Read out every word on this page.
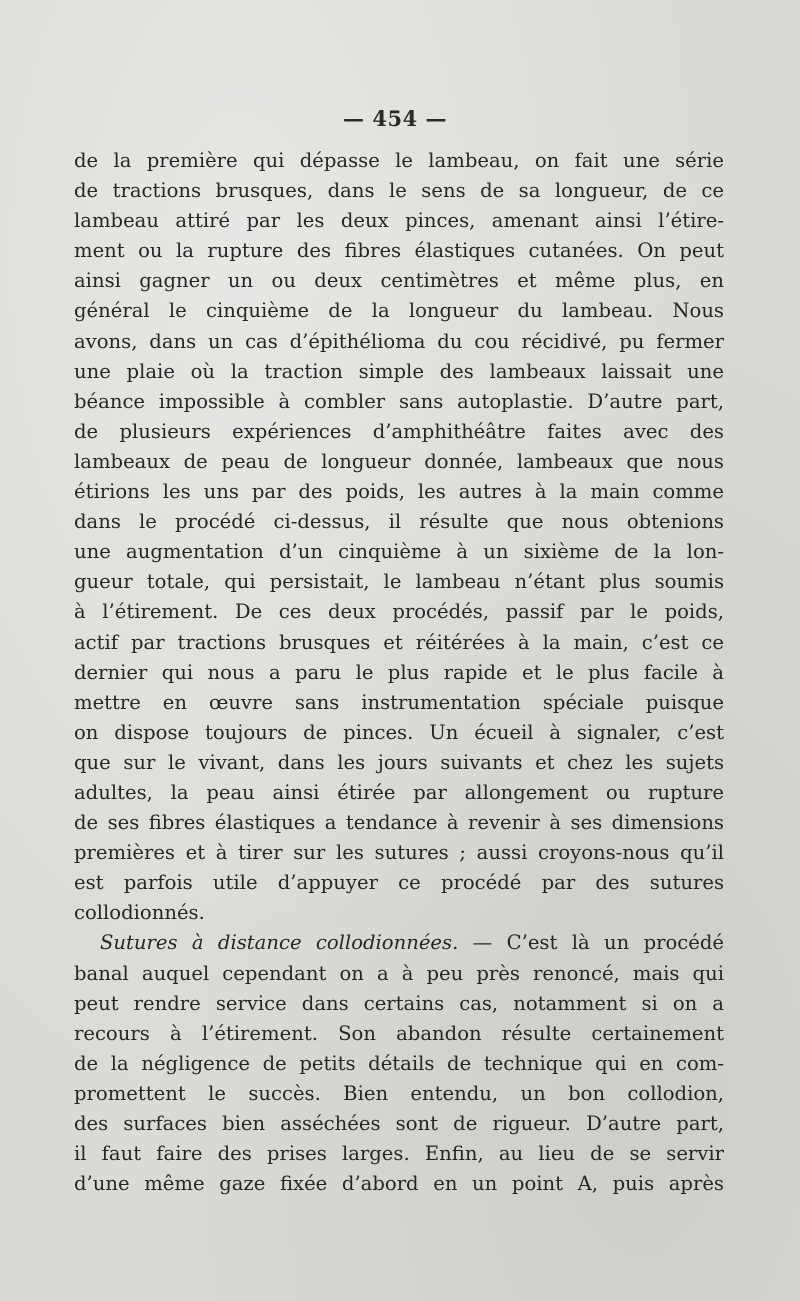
— 454 —
de la première qui dépasse le lambeau, on fait une série
de tractions brusques, dans le sens de sa longueur, de ce
lambeau attiré par les deux pinces, amenant ainsi l’étire-
ment ou la rupture des fibres élastiques cutanées. On peut
ainsi gagner un ou deux centimètres et même plus, en
général le cinquième de la longueur du lambeau. Nous
avons, dans un cas d’épithélioma du cou récidivé, pu fermer
une plaie où la traction simple des lambeaux laissait une
béance impossible à combler sans autoplastie. D’autre part,
de plusieurs expériences d’amphithéâtre faites avec des
lambeaux de peau de longueur donnée, lambeaux que nous
étirions les uns par des poids, les autres à la main comme
dans le procédé ci-dessus, il résulte que nous obtenions
une augmentation d’un cinquième à un sixième de la lon-
gueur totale, qui persistait, le lambeau n’étant plus soumis
à l’étirement. De ces deux procédés, passif par le poids,
actif par tractions brusques et réitérées à la main, c’est ce
dernier qui nous a paru le plus rapide et le plus facile à
mettre en œuvre sans instrumentation spéciale puisque
on dispose toujours de pinces. Un écueil à signaler, c’est
que sur le vivant, dans les jours suivants et chez les sujets
adultes, la peau ainsi étirée par allongement ou rupture
de ses fibres élastiques a tendance à revenir à ses dimensions
premières et à tirer sur les sutures ; aussi croyons-nous qu’il
est parfois utile d’appuyer ce procédé par des sutures
collodionnés.
Sutures à distance collodionnées. — C’est là un procédé
banal auquel cependant on a à peu près renoncé, mais qui
peut rendre service dans certains cas, notamment si on a
recours à l’étirement. Son abandon résulte certainement
de la négligence de petits détails de technique qui en com-
promettent le succès. Bien entendu, un bon collodion,
des surfaces bien asséchées sont de rigueur. D’autre part,
il faut faire des prises larges. Enfin, au lieu de se servir
d’une même gaze fixée d’abord en un point A, puis après
